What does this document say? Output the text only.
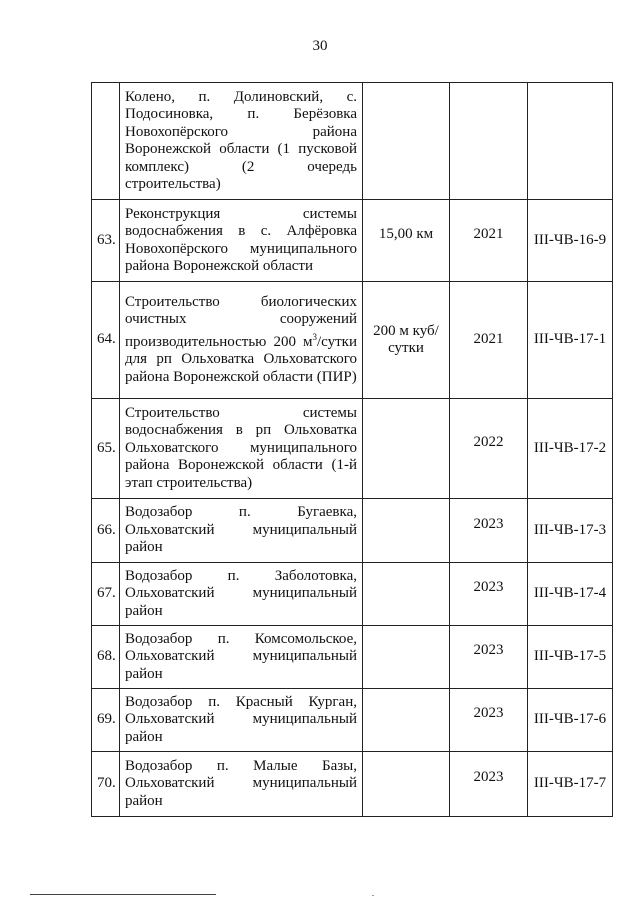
30
	Колено, п. Долиновский, с. Подосиновка, п. Берёзовка Новохопёрского района Воронежской области (1 пусковой комплекс) (2 очередь строительства)			
63.	Реконструкция системы водоснабжения в с. Алфёровка Новохопёрского муниципального района Воронежской области	15,00 км	2021	III-ЧВ-16-9
64.	Строительство биологических очистных сооружений производительностью 200 $м^3$/сутки для рп Ольховатка Ольховатского района Воронежской области (ПИР)	200 м куб/сутки	2021	III-ЧВ-17-1
65.	Строительство системы водоснабжения в рп Ольховатка Ольховатского муниципального района Воронежской области (1-й этап строительства)		2022	III-ЧВ-17-2
66.	Водозабор п. Бугаевка, Ольховатский муниципальный район		2023	III-ЧВ-17-3
67.	Водозабор п. Заболотовка, Ольховатский муниципальный район		2023	III-ЧВ-17-4
68.	Водозабор п. Комсомольское, Ольховатский муниципальный район		2023	III-ЧВ-17-5
69.	Водозабор п. Красный Курган, Ольховатский муниципальный район		2023	III-ЧВ-17-6
70.	Водозабор п. Малые Базы, Ольховатский муниципальный район		2023	III-ЧВ-17-7
